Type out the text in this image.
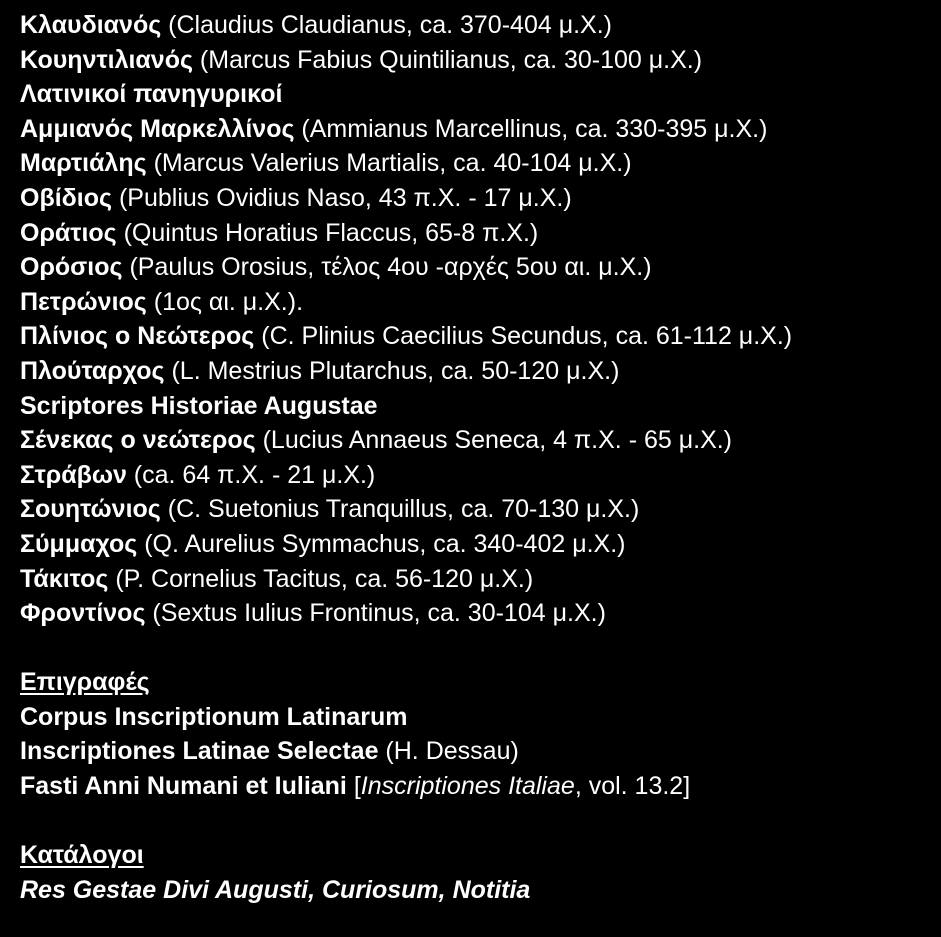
Κλαυδιανός (Claudius Claudianus, ca. 370-404 μ.Χ.)
Κουηντιλιανός (Marcus Fabius Quintilianus, ca. 30-100 μ.Χ.)
Λατινικοί πανηγυρικοί
Αμμιανός Μαρκελλίνος (Ammianus Marcellinus, ca. 330-395 μ.Χ.)
Μαρτιάλης (Marcus Valerius Martialis, ca. 40-104 μ.Χ.)
Οβίδιος (Publius Ovidius Naso, 43 π.Χ. - 17 μ.Χ.)
Οράτιος (Quintus Horatius Flaccus, 65-8 π.Χ.)
Ορόσιος (Paulus Orosius, τέλος 4ου -αρχές 5ου αι. μ.Χ.)
Πετρώνιος (1ος αι. μ.Χ.).
Πλίνιος ο Νεώτερος (C. Plinius Caecilius Secundus, ca. 61-112 μ.Χ.)
Πλούταρχος (L. Mestrius Plutarchus, ca. 50-120 μ.Χ.)
Scriptores Historiae Augustae
Σένεκας ο νεώτερος (Lucius Annaeus Seneca, 4 π.Χ. - 65 μ.Χ.)
Στράβων (ca. 64 π.Χ. - 21 μ.Χ.)
Σουητώνιος (C. Suetonius Tranquillus, ca. 70-130 μ.Χ.)
Σύμμαχος (Q. Aurelius Symmachus, ca. 340-402 μ.Χ.)
Τάκιτος (P. Cornelius Tacitus, ca. 56-120 μ.Χ.)
Φροντίνος (Sextus Iulius Frontinus, ca. 30-104 μ.Χ.)
Επιγραφές
Corpus Inscriptionum Latinarum
Inscriptiones Latinae Selectae (H. Dessau)
Fasti Anni Numani et Iuliani [Inscriptiones Italiae, vol. 13.2]
Κατάλογοι
Res Gestae Divi Augusti, Curiosum, Notitia
